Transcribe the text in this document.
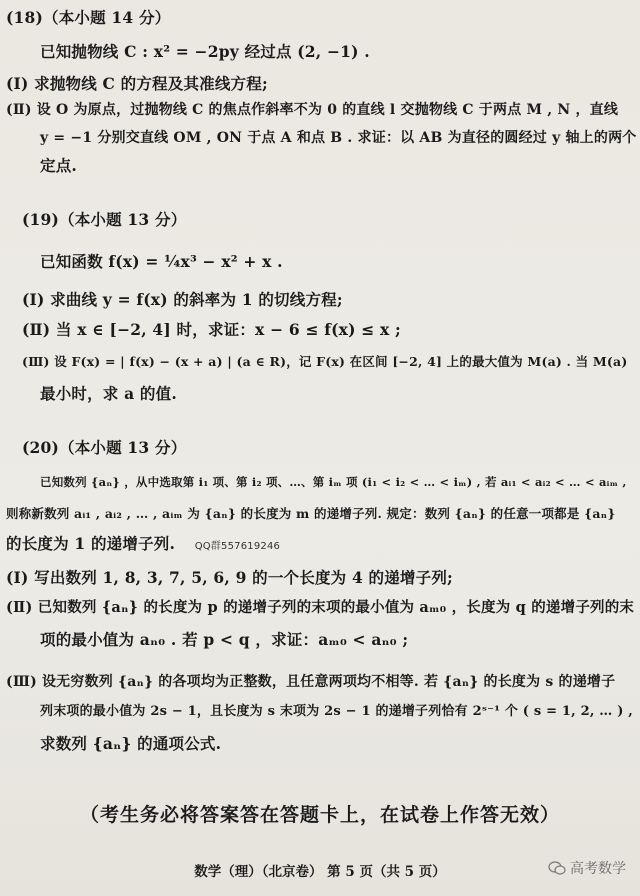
(18)（本小题 14 分）
已知抛物线 C : x² = −2py 经过点 (2, −1) .
(Ⅰ) 求抛物线 C 的方程及其准线方程;
(Ⅱ) 设 O 为原点，过抛物线 C 的焦点作斜率不为 0 的直线 l 交抛物线 C 于两点 M , N ，直线
y = −1 分别交直线 OM , ON 于点 A 和点 B . 求证：以 AB 为直径的圆经过 y 轴上的两个
定点.
(19)（本小题 13 分）
已知函数 f(x) = ¼x³ − x² + x .
(Ⅰ) 求曲线 y = f(x) 的斜率为 1 的切线方程;
(Ⅱ) 当 x ∈ [−2, 4] 时，求证：x − 6 ≤ f(x) ≤ x ;
(Ⅲ) 设 F(x) = | f(x) − (x + a) | (a ∈ R)，记 F(x) 在区间 [−2, 4] 上的最大值为 M(a) . 当 M(a)
最小时，求 a 的值.
(20)（本小题 13 分）
已知数列 {aₙ} ，从中选取第 i₁ 项、第 i₂ 项、…、第 iₘ 项 (i₁ < i₂ < … < iₘ) , 若 aᵢ₁ < aᵢ₂ < … < aᵢₘ ,
则称新数列 aᵢ₁ , aᵢ₂ , … , aᵢₘ 为 {aₙ} 的长度为 m 的递增子列. 规定：数列 {aₙ} 的任意一项都是 {aₙ}
的长度为 1 的递增子列. QQ群557619246
(Ⅰ) 写出数列 1, 8, 3, 7, 5, 6, 9 的一个长度为 4 的递增子列;
(Ⅱ) 已知数列 {aₙ} 的长度为 p 的递增子列的末项的最小值为 aₘ₀ ，长度为 q 的递增子列的末
项的最小值为 aₙ₀ . 若 p < q ，求证：aₘ₀ < aₙ₀ ;
(Ⅲ) 设无穷数列 {aₙ} 的各项均为正整数，且任意两项均不相等. 若 {aₙ} 的长度为 s 的递增子
列末项的最小值为 2s − 1，且长度为 s 末项为 2s − 1 的递增子列恰有 2ˢ⁻¹ 个 ( s = 1, 2, … ) ,
求数列 {aₙ} 的通项公式.
（考生务必将答案答在答题卡上，在试卷上作答无效）
数学（理）（北京卷） 第 5 页（共 5 页）	高考数学
